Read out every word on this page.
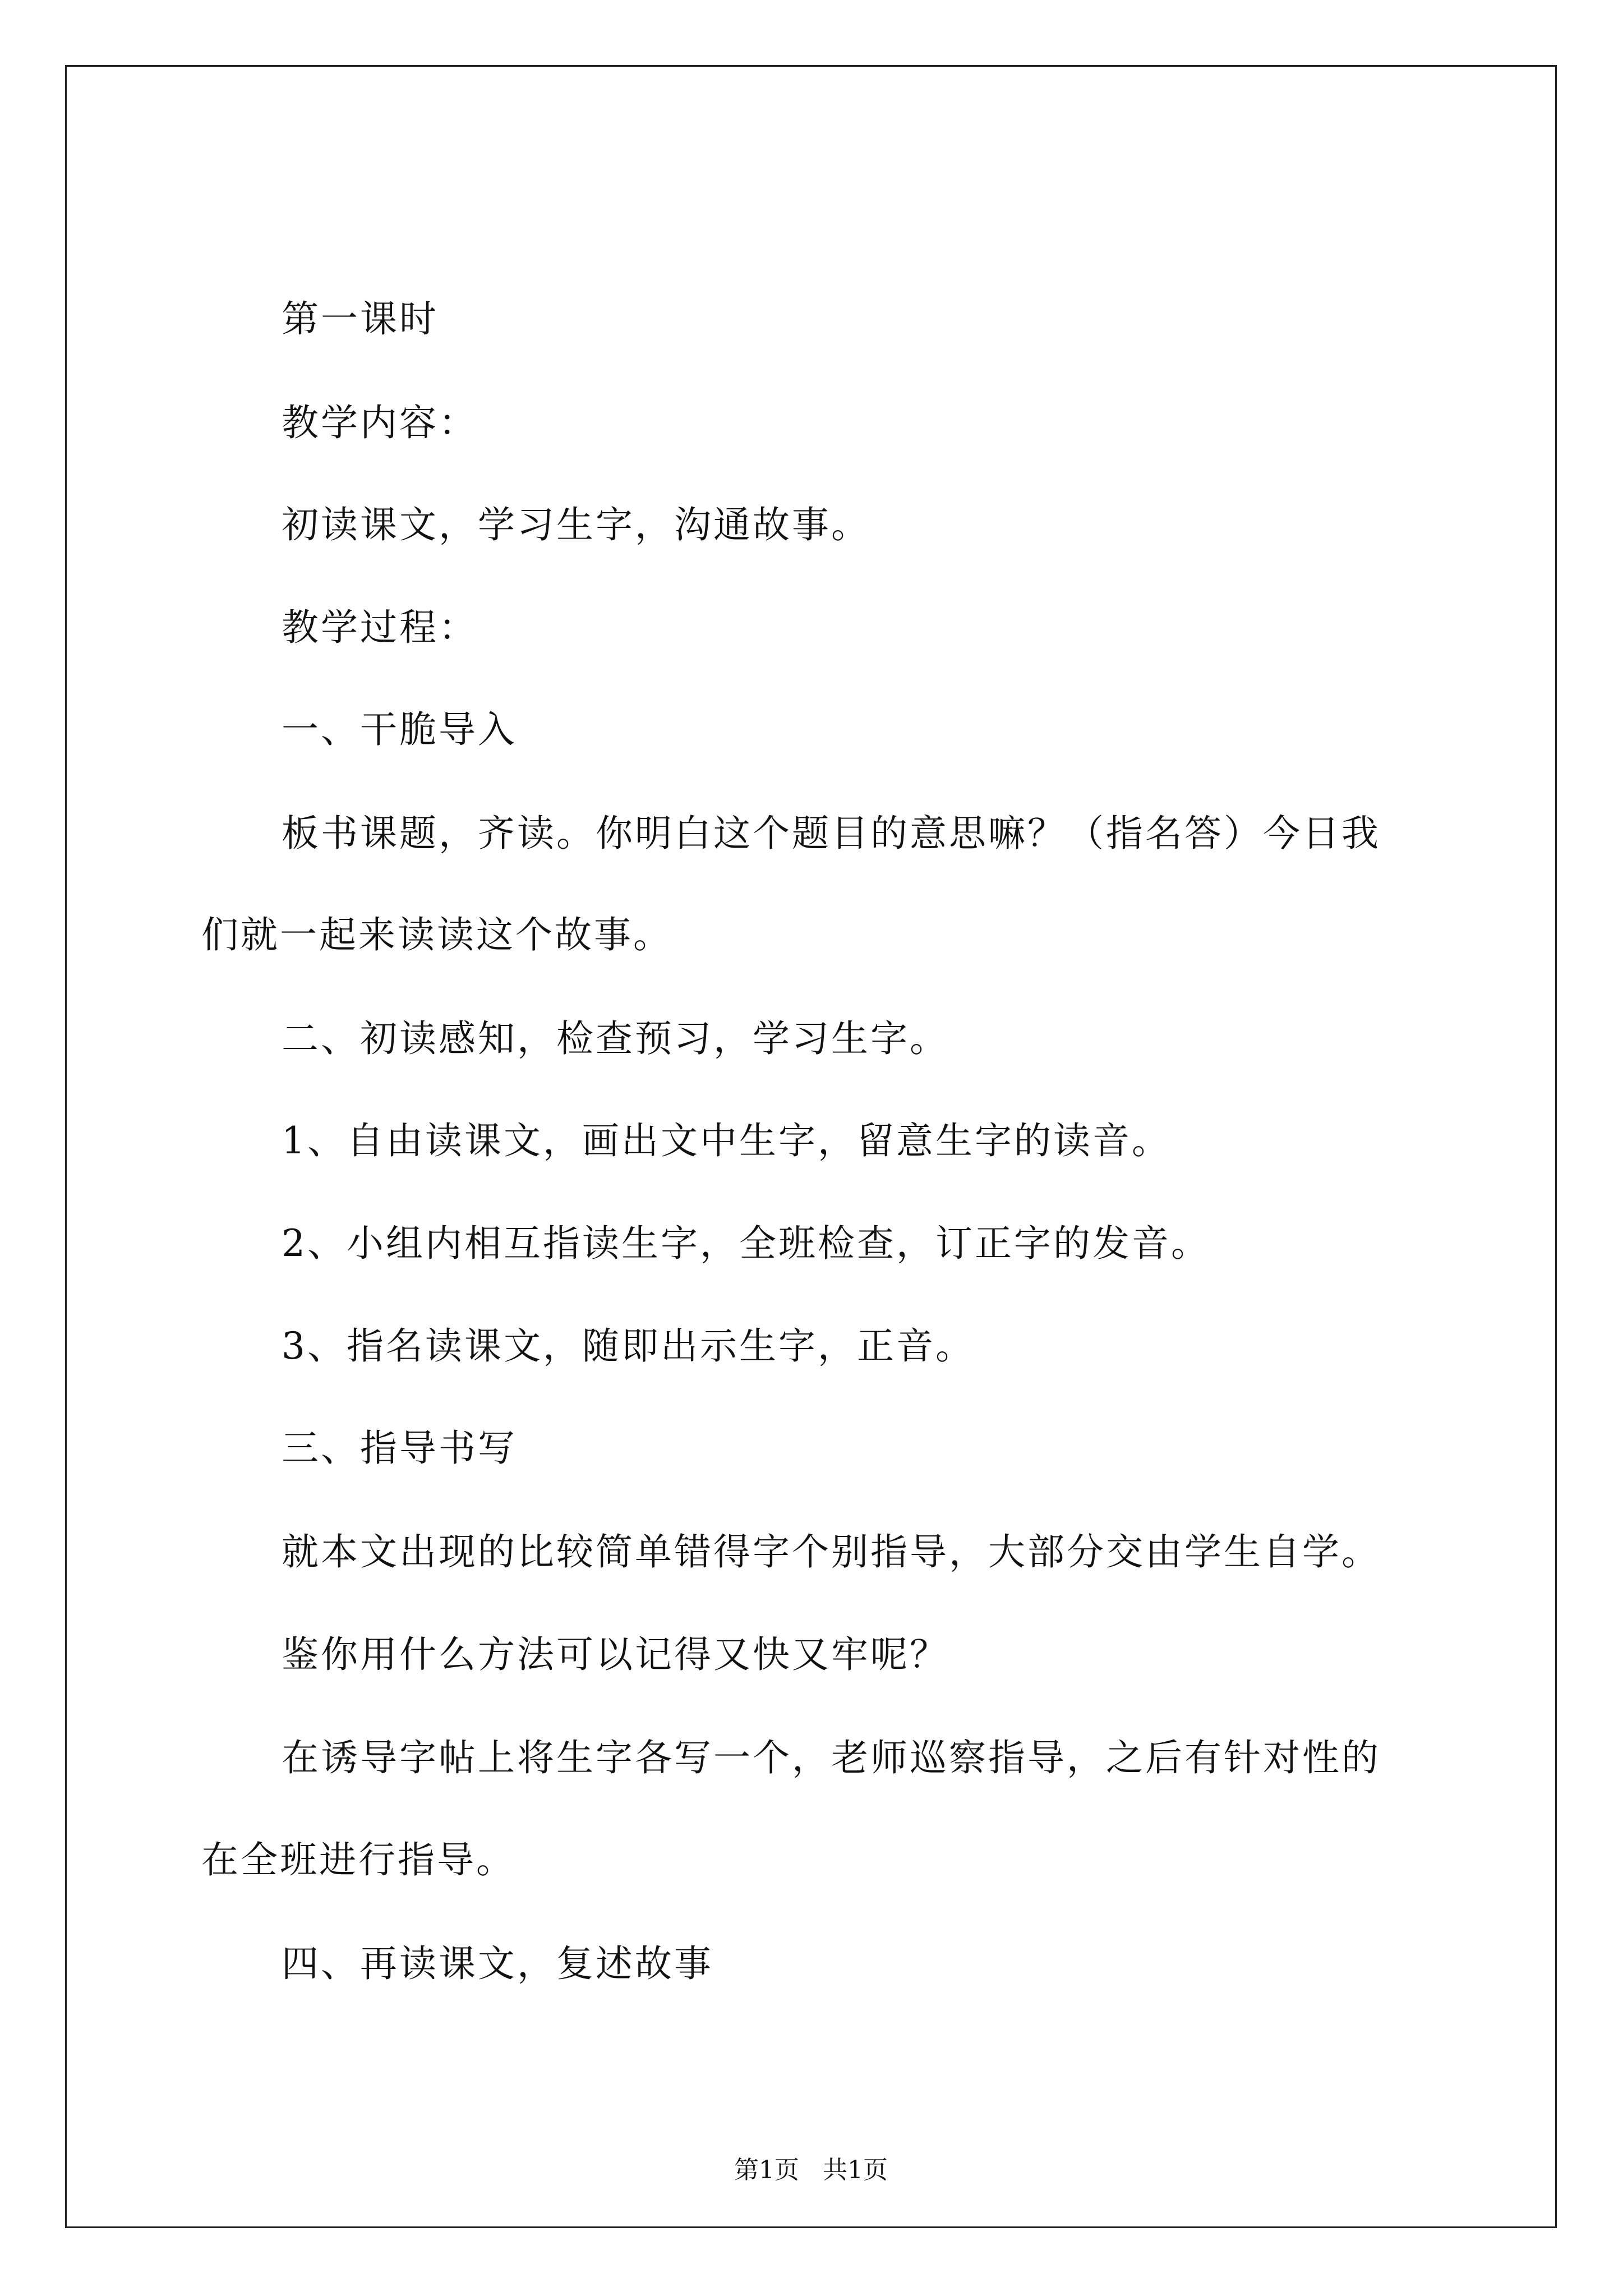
第一课时
教学内容：
初读课文，学习生字，沟通故事。
教学过程：
一、干脆导入
板书课题，齐读。你明白这个题目的意思嘛？（指名答）今日我
们就一起来读读这个故事。
二、初读感知，检查预习，学习生字。
1、自由读课文，画出文中生字，留意生字的读音。
2、小组内相互指读生字，全班检查，订正字的发音。
3、指名读课文，随即出示生字，正音。
三、指导书写
就本文出现的比较简单错得字个别指导，大部分交由学生自学。
鉴你用什么方法可以记得又快又牢呢？
在诱导字帖上将生字各写一个，老师巡察指导，之后有针对性的
在全班进行指导。
四、再读课文，复述故事
第1页   共1页
